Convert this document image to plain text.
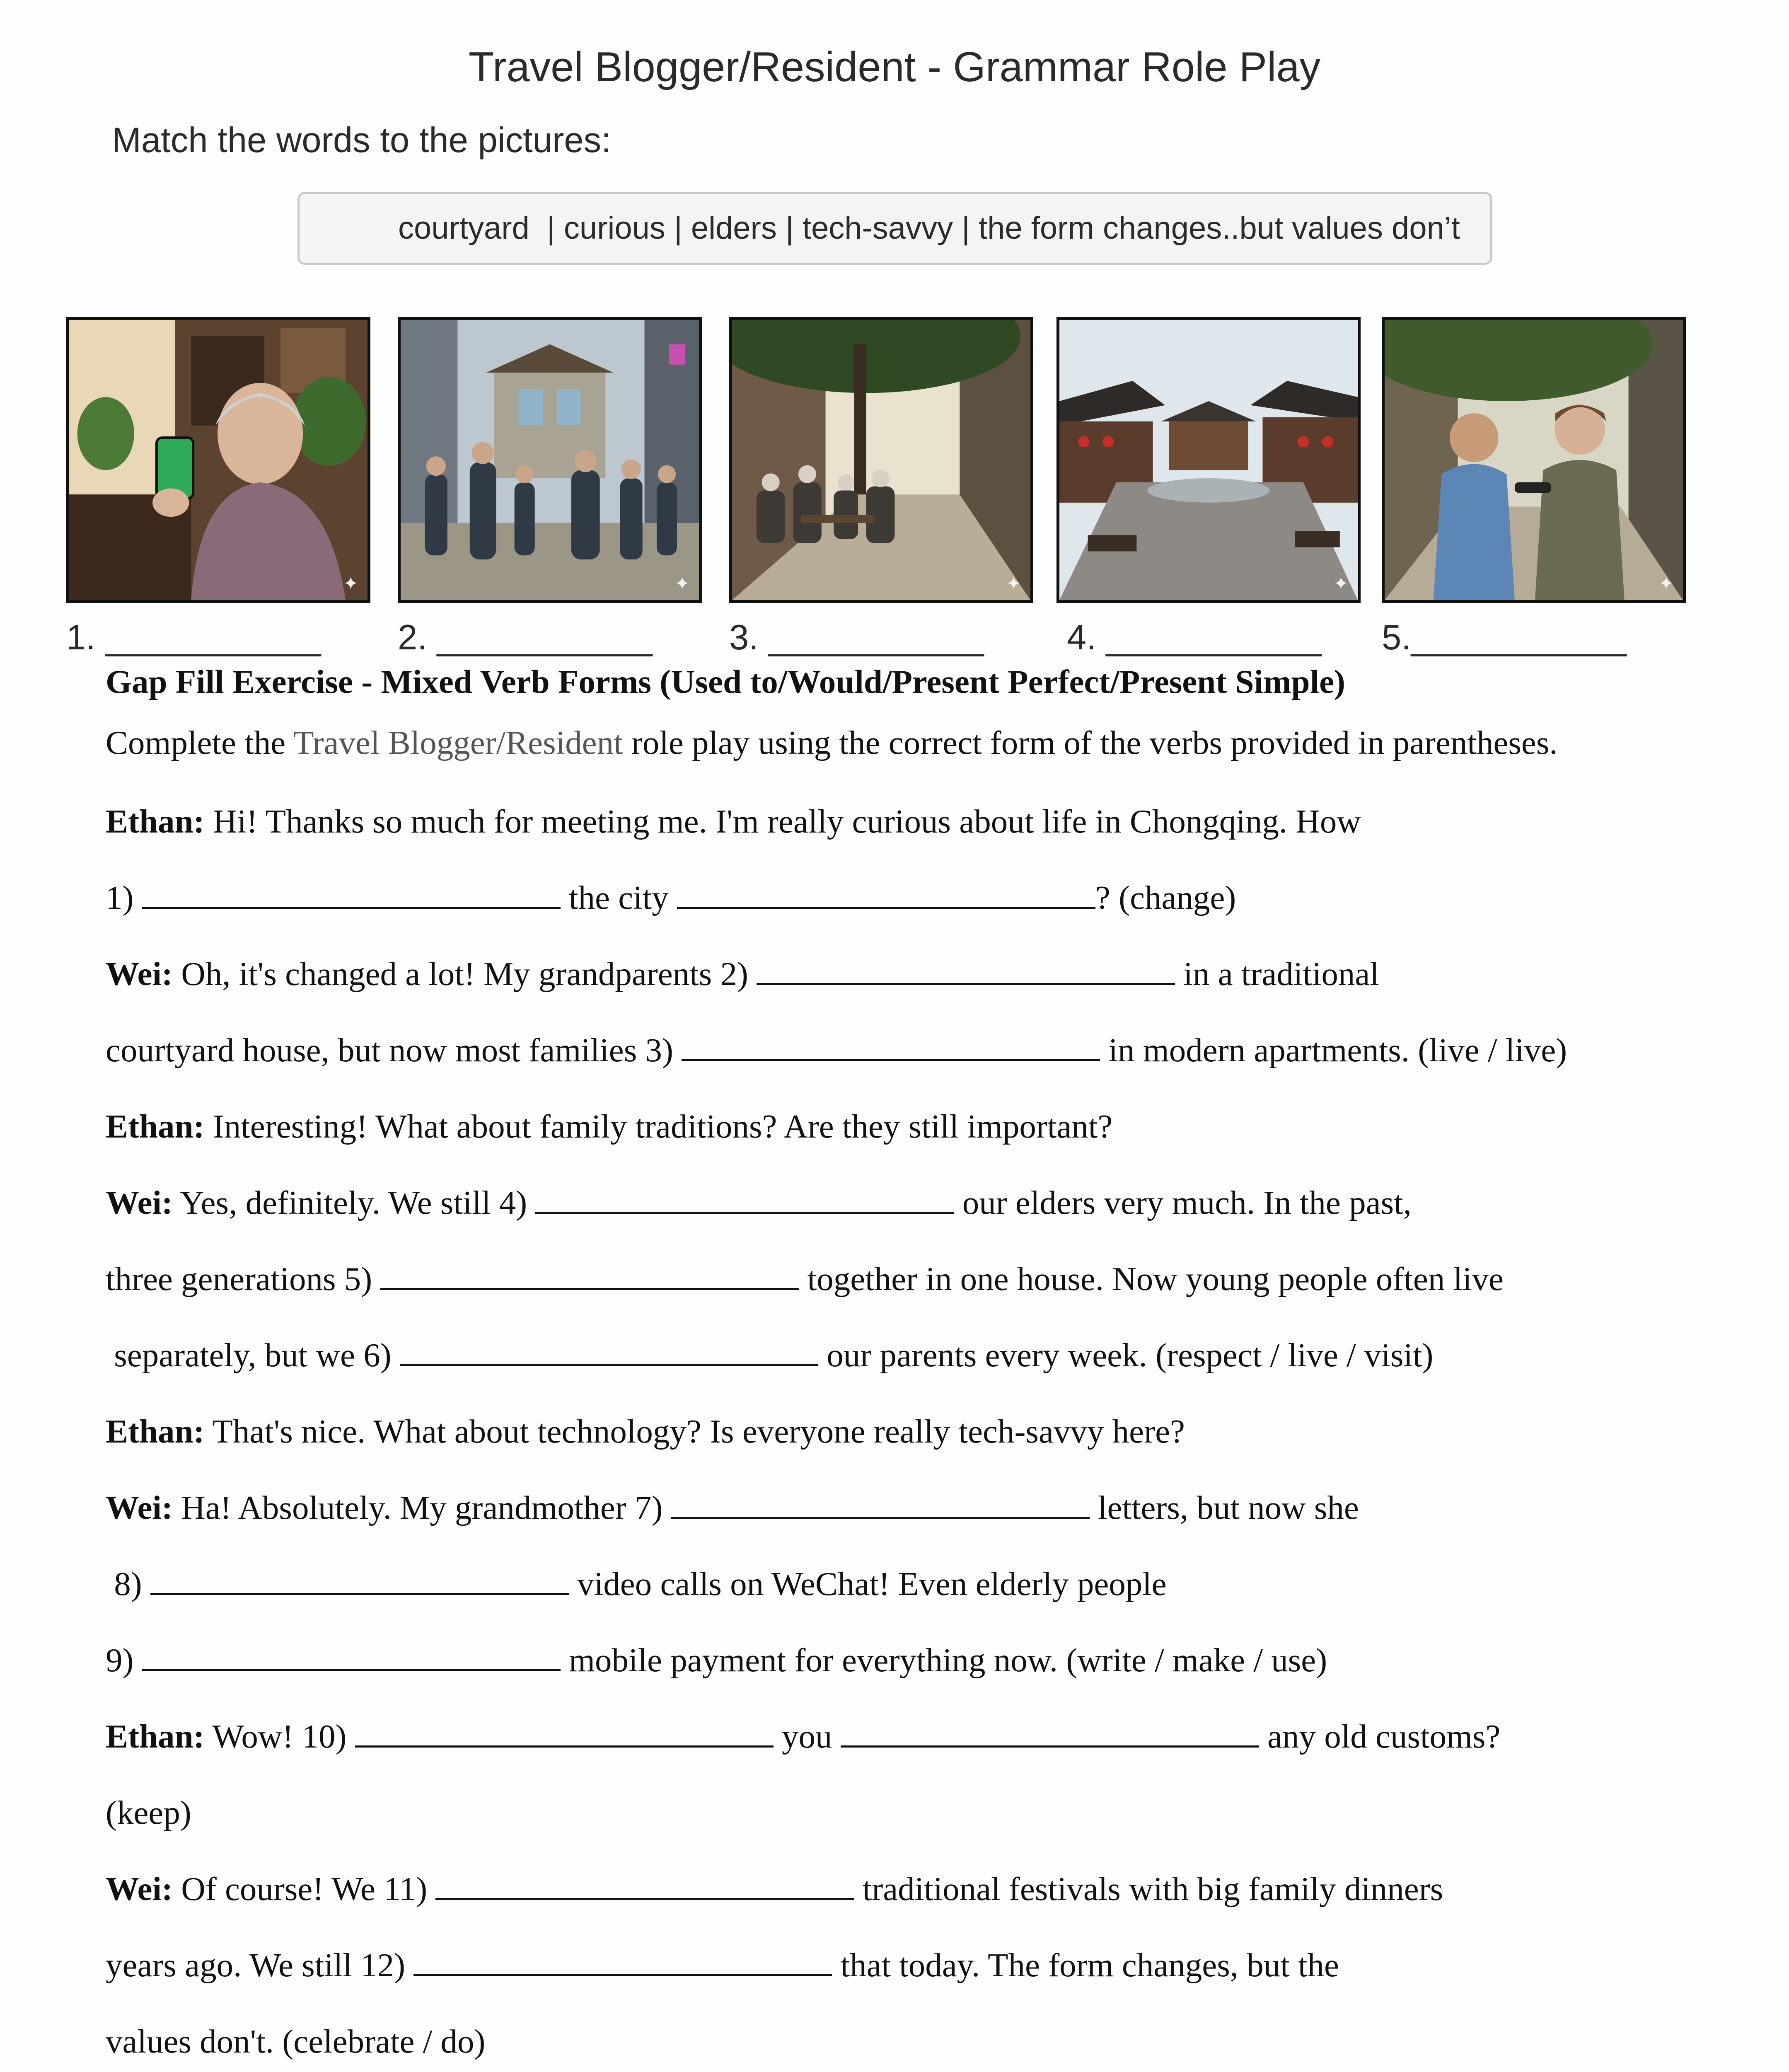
Travel Blogger/Resident - Grammar Role Play
Match the words to the pictures:
courtyard  | curious | elders | tech-savvy | the form changes..but values don’t
✦	✦	✦	✦	✦
1. ___________ 2. ___________ 3. ___________ 4. ___________ 5.___________
Gap Fill Exercise - Mixed Verb Forms (Used to/Would/Present Perfect/Present Simple)
Complete the Travel Blogger/Resident role play using the correct form of the verbs provided in parentheses.
Ethan: Hi! Thanks so much for meeting me. I'm really curious about life in Chongqing. How
1)	the city	? (change)
Wei: Oh, it's changed a lot! My grandparents 2)	in a traditional
courtyard house, but now most families 3)	in modern apartments. (live / live)
Ethan: Interesting! What about family traditions? Are they still important?
Wei: Yes, definitely. We still 4)	our elders very much. In the past,
three generations 5)	together in one house. Now young people often live
separately, but we 6)	our parents every week. (respect / live / visit)
Ethan: That's nice. What about technology? Is everyone really tech-savvy here?
Wei: Ha! Absolutely. My grandmother 7)	letters, but now she
8)	video calls on WeChat! Even elderly people
9)	mobile payment for everything now. (write / make / use)
Ethan: Wow! 10)	you	any old customs?
(keep)
Wei: Of course! We 11)	traditional festivals with big family dinners
years ago. We still 12)	that today. The form changes, but the
values don't. (celebrate / do)
